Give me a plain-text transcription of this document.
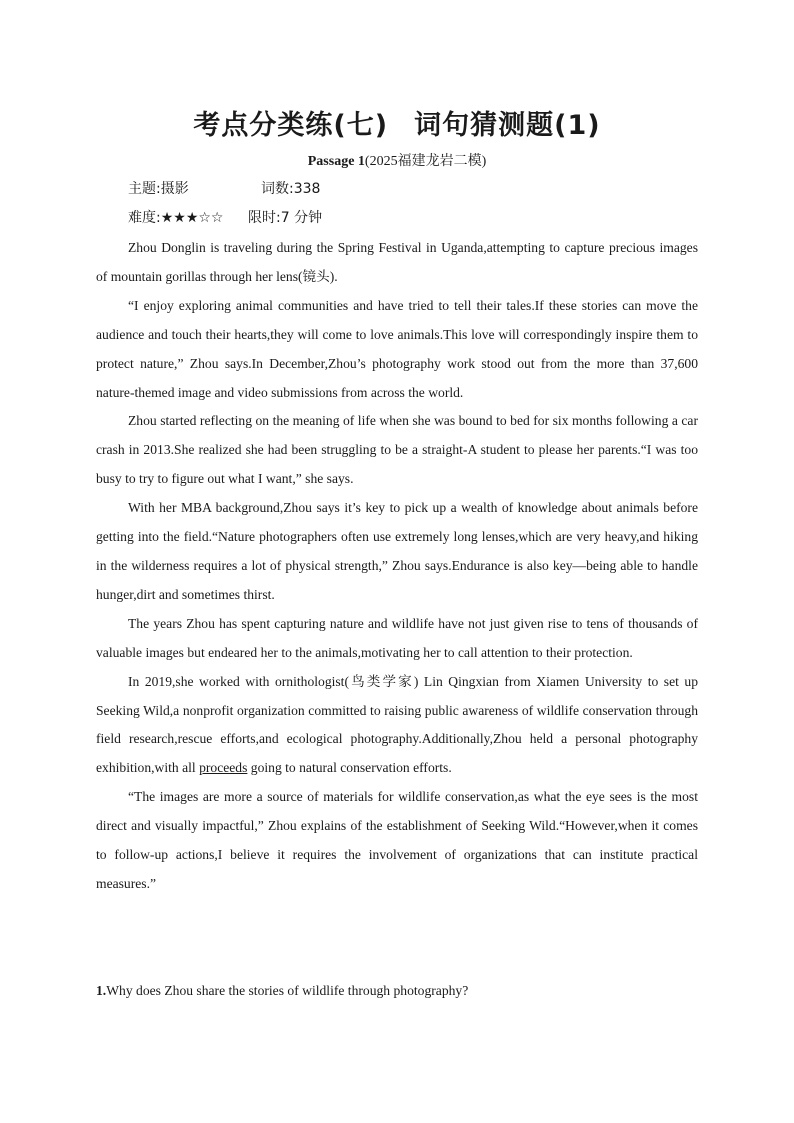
考点分类练(七) 词句猜测题(1)
Passage 1(2025福建龙岩二模)
主题:摄影	词数:338
难度:★★★☆☆ 限时:7 分钟

Zhou Donglin is traveling during the Spring Festival in Uganda,attempting to capture precious images of mountain gorillas through her lens(镜头).

“I enjoy exploring animal communities and have tried to tell their tales.If these stories can move the audience and touch their hearts,they will come to love animals.This love will correspondingly inspire them to protect nature,” Zhou says.In December,Zhou’s photography work stood out from the more than 37,600 nature-themed image and video submissions from across the world.

Zhou started reflecting on the meaning of life when she was bound to bed for six months following a car crash in 2013.She realized she had been struggling to be a straight-A student to please her parents.“I was too busy to try to figure out what I want,” she says.

With her MBA background,Zhou says it’s key to pick up a wealth of knowledge about animals before getting into the field.“Nature photographers often use extremely long lenses,which are very heavy,and hiking in the wilderness requires a lot of physical strength,” Zhou says.Endurance is also key—being able to handle hunger,dirt and sometimes thirst.

The years Zhou has spent capturing nature and wildlife have not just given rise to tens of thousands of valuable images but endeared her to the animals,motivating her to call attention to their protection.

In 2019,she worked with ornithologist(鸟类学家) Lin Qingxian from Xiamen University to set up Seeking Wild,a nonprofit organization committed to raising public awareness of wildlife conservation through field research,rescue efforts,and ecological photography.Additionally,Zhou held a personal photography exhibition,with all proceeds going to natural conservation efforts.

“The images are more a source of materials for wildlife conservation,as what the eye sees is the most direct and visually impactful,” Zhou explains of the establishment of Seeking Wild.“However,when it comes to follow-up actions,I believe it requires the involvement of organizations that can institute practical measures.”

1.Why does Zhou share the stories of wildlife through photography?
